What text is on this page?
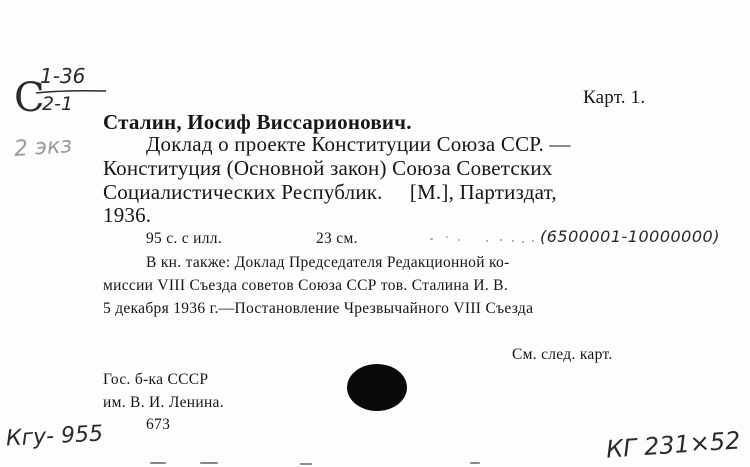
С
1-36
2-1
2 экз

Карт. 1.

Сталин, Иосиф Виссарионович.

Доклад о проекте Конституции Союза ССР. —

Конституция (Основной закон) Союза Советских

Социалистических Республик.     [М.], Партиздат,

1936.

95 с. с илл.	23 см.	(6500001-10000000)

В кн. также: Доклад Председателя Редакционной ко-

миссии VIII Съезда советов Союза ССР тов. Сталина И. В.

5 декабря 1936 г.—Постановление Чрезвычайного VIII Съезда

См. след. карт.

Гос. б-ка СССР

им. В. И. Ленина.

673

Кгу- 955	КГ 231×52
